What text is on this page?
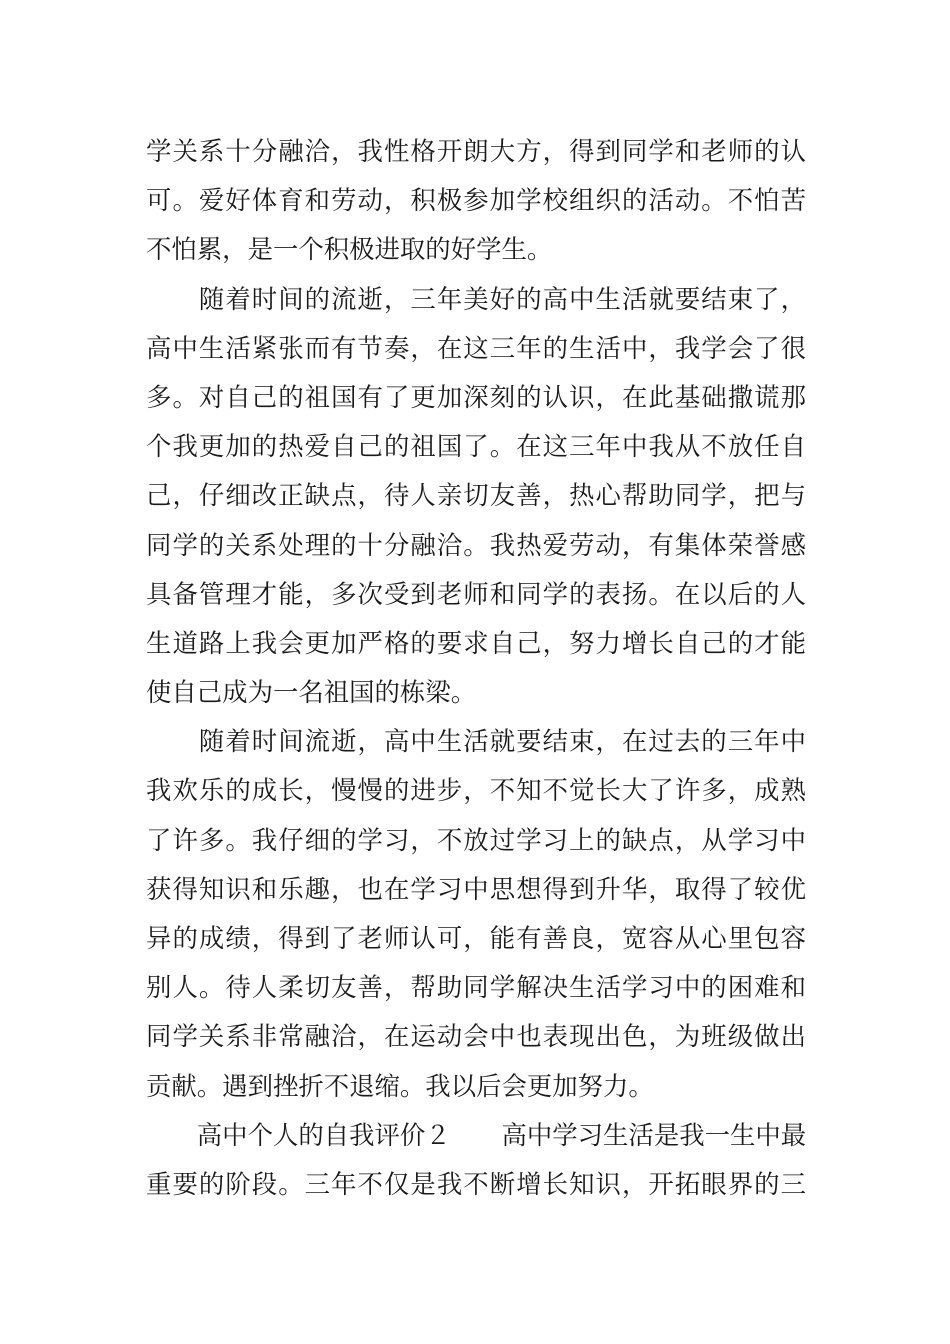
学关系十分融洽，我性格开朗大方，得到同学和老师的认
可。爱好体育和劳动，积极参加学校组织的活动。不怕苦
不怕累，是一个积极进取的好学生。
　　随着时间的流逝，三年美好的高中生活就要结束了，
高中生活紧张而有节奏，在这三年的生活中，我学会了很
多。对自己的祖国有了更加深刻的认识，在此基础撒谎那
个我更加的热爱自己的祖国了。在这三年中我从不放任自
己，仔细改正缺点，待人亲切友善，热心帮助同学，把与
同学的关系处理的十分融洽。我热爱劳动，有集体荣誉感
具备管理才能，多次受到老师和同学的表扬。在以后的人
生道路上我会更加严格的要求自己，努力增长自己的才能
使自己成为一名祖国的栋梁。
　　随着时间流逝，高中生活就要结束，在过去的三年中
我欢乐的成长，慢慢的进步，不知不觉长大了许多，成熟
了许多。我仔细的学习，不放过学习上的缺点，从学习中
获得知识和乐趣，也在学习中思想得到升华，取得了较优
异的成绩，得到了老师认可，能有善良，宽容从心里包容
别人。待人柔切友善，帮助同学解决生活学习中的困难和
同学关系非常融洽，在运动会中也表现出色，为班级做出
贡献。遇到挫折不退缩。我以后会更加努力。
　　高中个人的自我评价２　　高中学习生活是我一生中最
重要的阶段。三年不仅是我不断增长知识，开拓眼界的三
